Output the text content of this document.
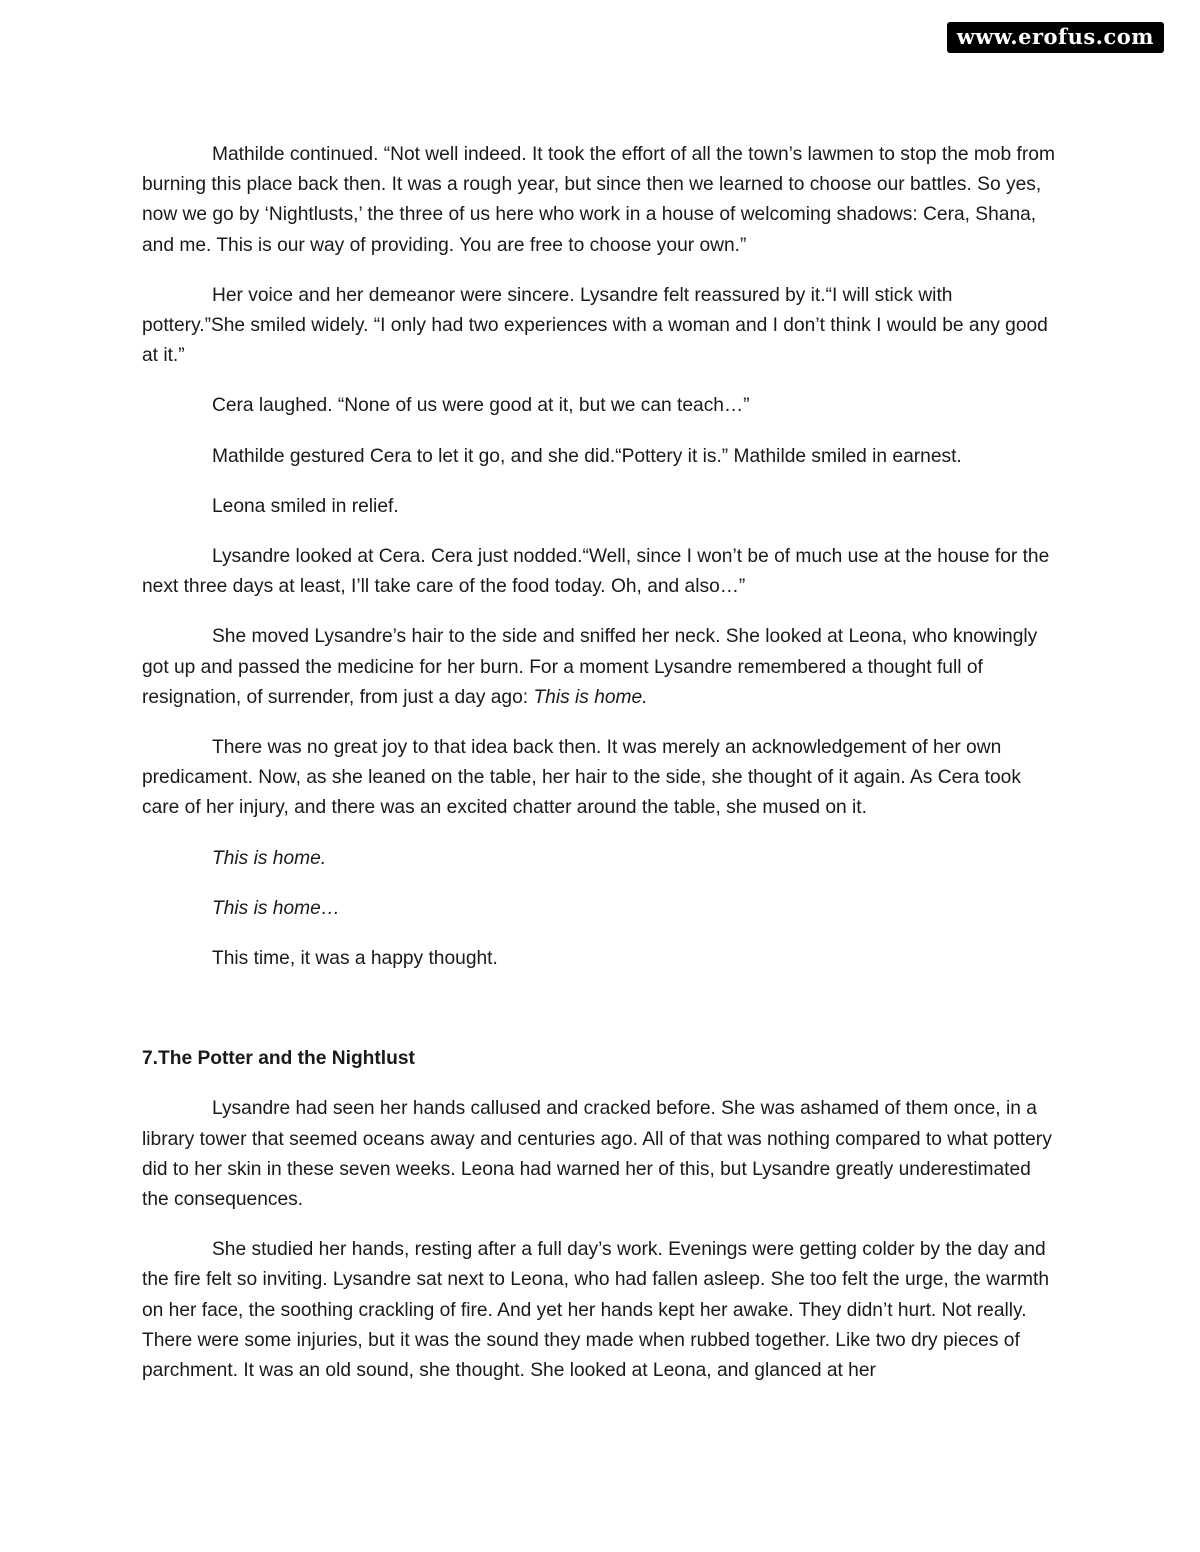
www.erofus.com

Mathilde continued. “Not well indeed. It took the effort of all the town’s lawmen to stop the mob from burning this place back then. It was a rough year, but since then we learned to choose our battles. So yes, now we go by ‘Nightlusts,’ the three of us here who work in a house of welcoming shadows: Cera, Shana, and me. This is our way of providing. You are free to choose your own.”

Her voice and her demeanor were sincere. Lysandre felt reassured by it.“I will stick with pottery.”She smiled widely. “I only had two experiences with a woman and I don’t think I would be any good at it.”

Cera laughed. “None of us were good at it, but we can teach…”

Mathilde gestured Cera to let it go, and she did.“Pottery it is.” Mathilde smiled in earnest.

Leona smiled in relief.

Lysandre looked at Cera. Cera just nodded.“Well, since I won’t be of much use at the house for the next three days at least, I’ll take care of the food today. Oh, and also…”

She moved Lysandre’s hair to the side and sniffed her neck. She looked at Leona, who knowingly got up and passed the medicine for her burn. For a moment Lysandre remembered a thought full of resignation, of surrender, from just a day ago: This is home.

There was no great joy to that idea back then. It was merely an acknowledgement of her own predicament. Now, as she leaned on the table, her hair to the side, she thought of it again. As Cera took care of her injury, and there was an excited chatter around the table, she mused on it.

This is home.

This is home…

This time, it was a happy thought.

7.The Potter and the Nightlust

Lysandre had seen her hands callused and cracked before. She was ashamed of them once, in a library tower that seemed oceans away and centuries ago. All of that was nothing compared to what pottery did to her skin in these seven weeks. Leona had warned her of this, but Lysandre greatly underestimated the consequences.

She studied her hands, resting after a full day’s work. Evenings were getting colder by the day and the fire felt so inviting. Lysandre sat next to Leona, who had fallen asleep. She too felt the urge, the warmth on her face, the soothing crackling of fire. And yet her hands kept her awake. They didn’t hurt. Not really. There were some injuries, but it was the sound they made when rubbed together. Like two dry pieces of parchment. It was an old sound, she thought. She looked at Leona, and glanced at her
